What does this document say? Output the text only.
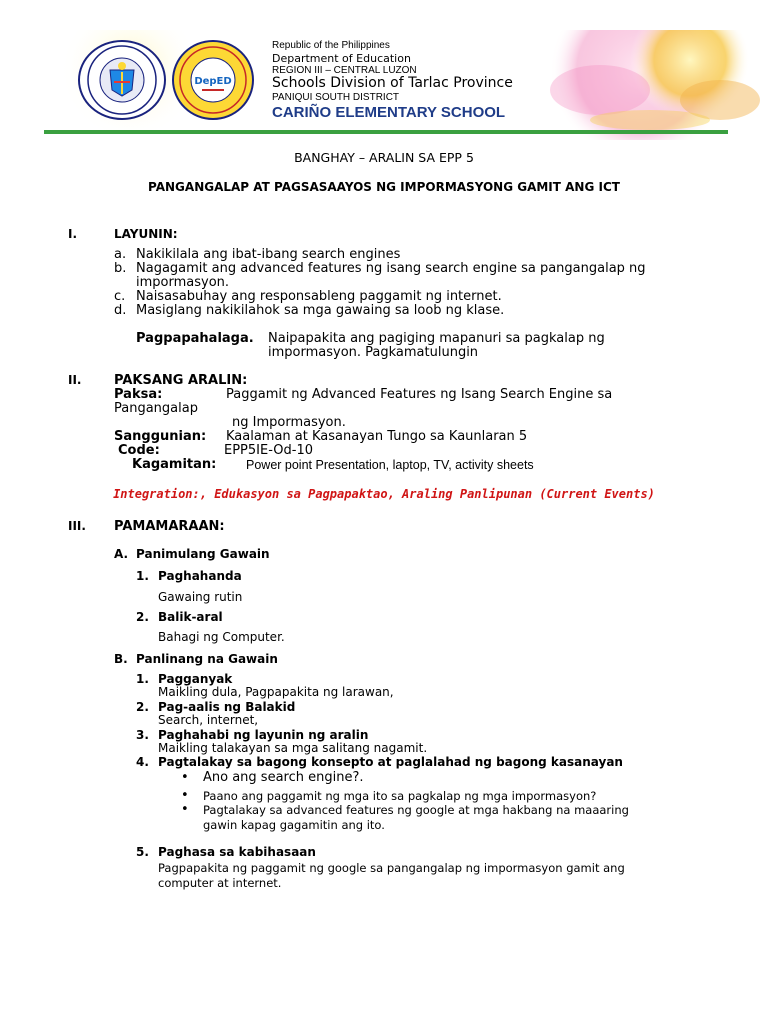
DepED
Republic of the Philippines
Department of Education
REGION III – CENTRAL LUZON
Schools Division of Tarlac Province
PANIQUI SOUTH DISTRICT
CARIÑO ELEMENTARY SCHOOL
BANGHAY – ARALIN SA EPP 5
PANGANGALAP AT PAGSASAAYOS NG IMPORMASYONG GAMIT ANG ICT
I.	LAYUNIN:
a. Nakikilala ang ibat-ibang search engines
b. Nagagamit ang advanced features ng isang search engine sa pangangalap ng
impormasyon.
c. Naisasabuhay ang responsableng paggamit ng internet.
d. Masiglang nakikilahok sa mga gawaing sa loob ng klase.
Pagpapahalaga. Naipapakita ang pagiging mapanuri sa pagkalap ng
impormasyon. Pagkamatulungin
II.	PAKSANG ARALIN:
Paksa:	Paggamit ng Advanced Features ng Isang Search Engine sa
Pangangalap
ng Impormasyon.
Sanggunian: Kaalaman at Kasanayan Tungo sa Kaunlaran 5
Code:	EPP5IE-Od-10
Kagamitan: Power point Presentation, laptop, TV, activity sheets
Integration:, Edukasyon sa Pagpapaktao, Araling Panlipunan (Current Events)
III. PAMAMARAAN:
A. Panimulang Gawain
1. Paghahanda
Gawaing rutin
2. Balik-aral
Bahagi ng Computer.
B. Panlinang na Gawain
1. Pagganyak
Maikling dula, Pagpapakita ng larawan,
2. Pag-aalis ng Balakid
Search, internet,
3. Paghahabi ng layunin ng aralin
Maikling talakayan sa mga salitang nagamit.
4. Pagtalakay sa bagong konsepto at paglalahad ng bagong kasanayan
• Ano ang search engine?.
• Paano ang paggamit ng mga ito sa pagkalap ng mga impormasyon?
• Pagtalakay sa advanced features ng google at mga hakbang na maaaring
gawin kapag gagamitin ang ito.
5. Paghasa sa kabihasaan
Pagpapakita ng paggamit ng google sa pangangalap ng impormasyon gamit ang
computer at internet.
